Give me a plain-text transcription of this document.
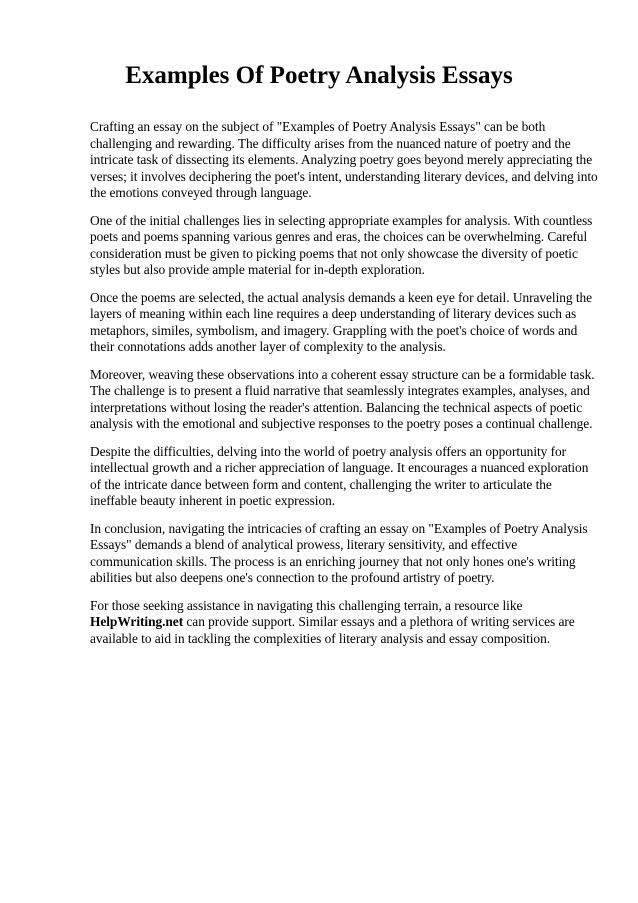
Examples Of Poetry Analysis Essays

Crafting an essay on the subject of "Examples of Poetry Analysis Essays" can be both challenging and rewarding. The difficulty arises from the nuanced nature of poetry and the intricate task of dissecting its elements. Analyzing poetry goes beyond merely appreciating the verses; it involves deciphering the poet's intent, understanding literary devices, and delving into the emotions conveyed through language.

One of the initial challenges lies in selecting appropriate examples for analysis. With countless poets and poems spanning various genres and eras, the choices can be overwhelming. Careful consideration must be given to picking poems that not only showcase the diversity of poetic styles but also provide ample material for in-depth exploration.

Once the poems are selected, the actual analysis demands a keen eye for detail. Unraveling the layers of meaning within each line requires a deep understanding of literary devices such as metaphors, similes, symbolism, and imagery. Grappling with the poet's choice of words and their connotations adds another layer of complexity to the analysis.

Moreover, weaving these observations into a coherent essay structure can be a formidable task. The challenge is to present a fluid narrative that seamlessly integrates examples, analyses, and interpretations without losing the reader's attention. Balancing the technical aspects of poetic analysis with the emotional and subjective responses to the poetry poses a continual challenge.

Despite the difficulties, delving into the world of poetry analysis offers an opportunity for intellectual growth and a richer appreciation of language. It encourages a nuanced exploration of the intricate dance between form and content, challenging the writer to articulate the ineffable beauty inherent in poetic expression.

In conclusion, navigating the intricacies of crafting an essay on "Examples of Poetry Analysis Essays" demands a blend of analytical prowess, literary sensitivity, and effective communication skills. The process is an enriching journey that not only hones one's writing abilities but also deepens one's connection to the profound artistry of poetry.

For those seeking assistance in navigating this challenging terrain, a resource like HelpWriting.net can provide support. Similar essays and a plethora of writing services are available to aid in tackling the complexities of literary analysis and essay composition.
